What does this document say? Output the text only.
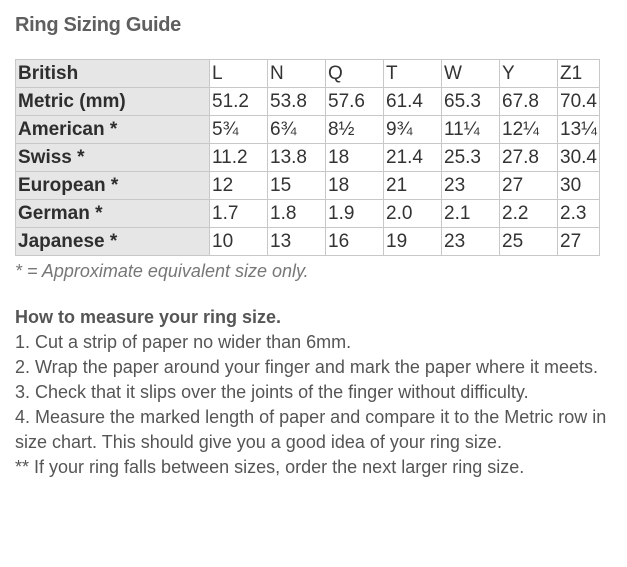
Ring Sizing Guide
British	L	N	Q	T	W	Y	Z1
Metric (mm)	51.2	53.8	57.6	61.4	65.3	67.8	70.4
American *	5¾	6¾	8½	9¾	11¼	12¼	13¼
Swiss *	11.2	13.8	18	21.4	25.3	27.8	30.4
European *	12	15	18	21	23	27	30
German *	1.7	1.8	1.9	2.0	2.1	2.2	2.3
Japanese *	10	13	16	19	23	25	27
* = Approximate equivalent size only.

How to measure your ring size.

1. Cut a strip of paper no wider than 6mm.

2. Wrap the paper around your finger and mark the paper where it meets.

3. Check that it slips over the joints of the finger without difficulty.

4. Measure the marked length of paper and compare it to the Metric row in size chart. This should give you a good idea of your ring size.

** If your ring falls between sizes, order the next larger ring size.
